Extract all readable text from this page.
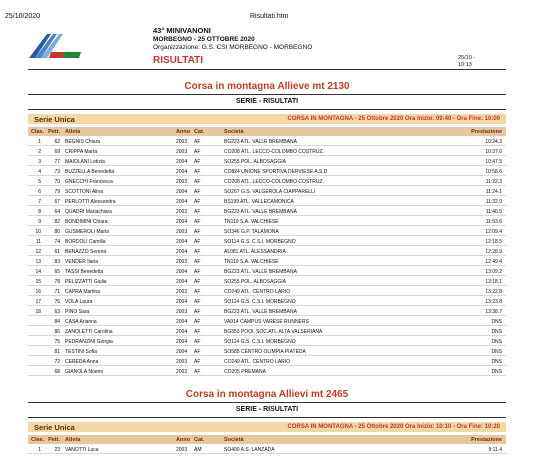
25/10/2020	Risultati.htm
43° MINIVANONI
MORBEGNO - 25 OTTOBRE 2020
Organizzazione: G.S. CSI MORBEGNO - MORBEGNO
RISULTATI	25/10 -
10:13
Corsa in montagna Allieve mt 2130
SERIE - RISULTATI
Serie Unica	CORSA IN MONTAGNA - 25 Ottobre 2020 Ora Inizio: 09:40 - Ora Fine: 10:00
Clas. Pett. Atleta	Anno Cat.	Società	Prestazione
1	62 BEGNIS Chiara	2003 AF	BG223 ATL. VALLE BREMBANA	10:24.3
2	69 CRIPPA Marta	2003 AF	CO208 ATL. LECCO-COLOMBO COSTRUZ.	10:37.0
3	77 MAIOLANI Letizia	2004 AF	SO255 POL. ALBOSAGGIA	10:47.5
4	73 BUZZELLA Benedetta	2004 AF	CO824 UNIONE SPORTIVA DERVIESE A.S.D	10:58.6
5	70 GNECCHI Francesca	2003 AF	CO208 ATL. LECCO-COLOMBO COSTRUZ.	11:22.3
6	79 SCOTTONI Alina	2004 AF	SO267 G.S. VALGEROLA CIAPPARELLI	11:24.1
7	67 PERLOTTI Alessandra	2004 AF	BS199 ATL. VALLECAMONICA	11:32.0
8	64 QUADRI Mariachiara	2003 AF	BG223 ATL. VALLE BREMBANA	11:40.5
9	82 BONDIMINI Chiara	2004 AF	TN119 S.A. VALCHIESE	11:53.6
10	80 GUSMEROLI Maria	2003 AF	SO346 G.P. TALAMONA	12:09.4
11	74 BORDOLI Camilla	2004 AF	SO114 G.S. C.S.I. MORBEGNO	12:18.5
12	61 BENAZZO Serena	2004 AF	AL081 ATL. ALESSANDRIA	12:28.9
13	83 VENDER Ilaria	2003 AF	TN119 S.A. VALCHIESE	12:49.4
14	65 TASSI Benedetta	2004 AF	BG223 ATL. VALLE BREMBANA	13:09.2
15	78 PELIZZATTI Giulia	2004 AF	SO255 POL. ALBOSAGGIA	13:18.1
16	71 CAPRA Martina	2003 AF	CO249 ATL. CENTRO LARIO	13:22.8
17	76 VOLA Laura	2004 AF	SO114 G.S. C.S.I. MORBEGNO	13:23.8
18	63 PINO Sara	2003 AF	BG223 ATL. VALLE BREMBANA	13:38.7
84 CASA Arianna	2004 AF	VA914 CAMPUS VARESE RUNNERS	DNS
86 ZANOLETTI Carolina	2004 AF	BG353 POOL SOC.ATL.ALTA VALSERIANA	DNS
75 PEDRANZINI Giorgia	2004 AF	SO114 G.S. C.S.I. MORBEGNO	DNS
81 TESTINI Sofia	2004 AF	SO585 CENTRO OLIMPIA PIATEDA	DNS
72 CEREDA Anna	2003 AF	CO249 ATL. CENTRO LARIO	DNS
68 GIANOLA Noemi	2003 AF	CO205 PREMANA	DNS
Corsa in montagna Allievi mt 2465
SERIE - RISULTATI
Serie Unica	CORSA IN MONTAGNA - 25 Ottobre 2020 Ora Inizio: 10:10 - Ora Fine: 10:20
Clas. Pett. Atleta	Anno Cat.	Società	Prestazione
1	23 VANOTTI Luca	2003 AM	SO400 A.S. LANZADA	9:11.4
